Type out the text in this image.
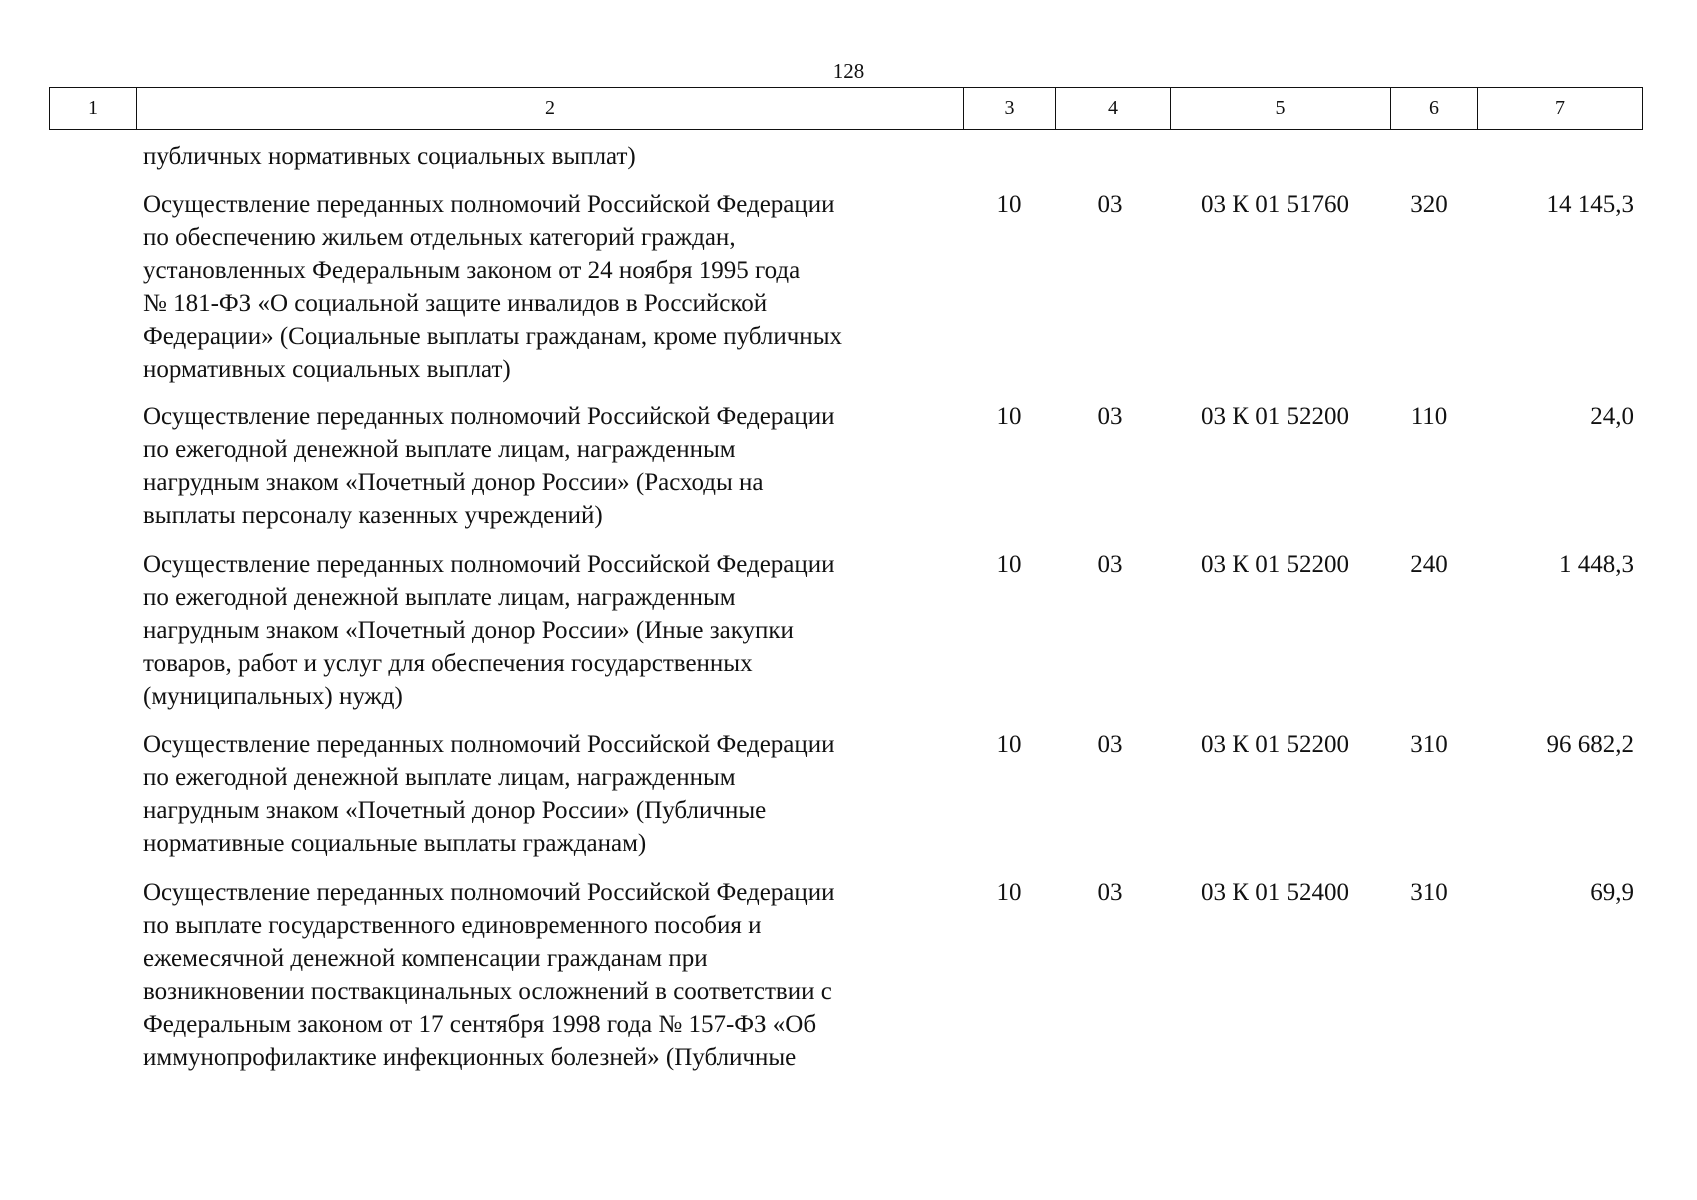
128
1	2	3	4	5	6	7
публичных нормативных социальных выплат)
Осуществление переданных полномочий Российской Федерации
по обеспечению жильем отдельных категорий граждан,
установленных Федеральным законом от 24 ноября 1995 года
№ 181-ФЗ «О социальной защите инвалидов в Российской
Федерации» (Социальные выплаты гражданам, кроме публичных
нормативных социальных выплат)
10	03	03 К 01 51760	320	14 145,3
Осуществление переданных полномочий Российской Федерации
по ежегодной денежной выплате лицам, награжденным
нагрудным знаком «Почетный донор России» (Расходы на
выплаты персоналу казенных учреждений)
10	03	03 К 01 52200	110	24,0
Осуществление переданных полномочий Российской Федерации
по ежегодной денежной выплате лицам, награжденным
нагрудным знаком «Почетный донор России» (Иные закупки
товаров, работ и услуг для обеспечения государственных
(муниципальных) нужд)
10	03	03 К 01 52200	240	1 448,3
Осуществление переданных полномочий Российской Федерации
по ежегодной денежной выплате лицам, награжденным
нагрудным знаком «Почетный донор России» (Публичные
нормативные социальные выплаты гражданам)
10	03	03 К 01 52200	310	96 682,2
Осуществление переданных полномочий Российской Федерации
по выплате государственного единовременного пособия и
ежемесячной денежной компенсации гражданам при
возникновении поствакцинальных осложнений в соответствии с
Федеральным законом от 17 сентября 1998 года № 157-ФЗ «Об
иммунопрофилактике инфекционных болезней» (Публичные
10	03	03 К 01 52400	310	69,9
